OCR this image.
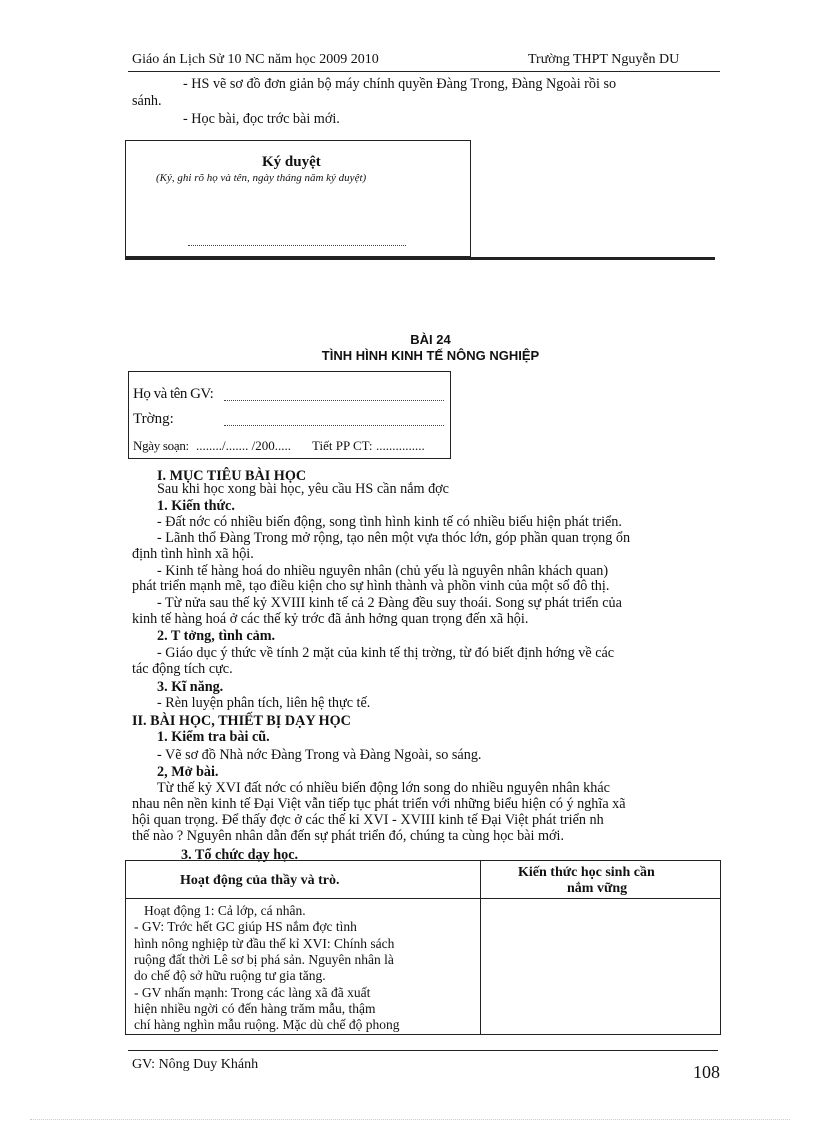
Giáo án Lịch Sử 10 NC năm học 2009 2010	Trường THPT Nguyễn DU
- HS vẽ sơ đồ đơn giản bộ máy chính quyền Đàng Trong, Đàng Ngoài rồi so
sánh.
- Học bài, đọc trớc bài mới.
Ký duyệt
(Ký, ghi rõ họ và tên, ngày tháng năm ký duyệt)
BÀI 24
TÌNH HÌNH KINH TẾ NÔNG NGHIỆP
Họ và tên GV:
Trờng:
Ngày soạn: ......../....... /200..... Tiết PP CT: ...............
I. MỤC TIÊU BÀI HỌC
Sau khi học xong bài học, yêu cầu HS cần nắm đợc
1. Kiến thức.
- Đất nớc có nhiều biến động, song tình hình kinh tế có nhiều biểu hiện phát triển.
- Lãnh thổ Đàng Trong mở rộng, tạo nên một vựa thóc lớn, góp phần quan trọng ổn
định tình hình xã hội.
- Kinh tế hàng hoá do nhiều nguyên nhân (chủ yếu là nguyên nhân khách quan)
phát triển mạnh mẽ, tạo điều kiện cho sự hình thành và phồn vinh của một số đô thị.
- Từ nửa sau thế kỷ XVIII kinh tế cả 2 Đàng đều suy thoái. Song sự phát triển của
kinh tế hàng hoá ở các thế kỷ trớc đã ảnh hởng quan trọng đến xã hội.
2. T tởng, tình cảm.
- Giáo dục ý thức về tính 2 mặt của kinh tế thị trờng, từ đó biết định hớng về các
tác động tích cực.
3. Kĩ năng.
- Rèn luyện phân tích, liên hệ thực tế.
II. BÀI HỌC, THIẾT BỊ DẠY HỌC
1. Kiểm tra bài cũ.
- Vẽ sơ đồ Nhà nớc Đàng Trong và Đàng Ngoài, so sáng.
2, Mở bài.
Từ thế kỷ XVI đất nớc có nhiều biến động lớn song do nhiều nguyên nhân khác
nhau nên nền kinh tế Đại Việt vẫn tiếp tục phát triển với những biểu hiện có ý nghĩa xã
hội quan trọng. Để thấy đợc ở các thế kỉ XVI - XVIII kinh tế Đại Việt phát triển nh
thế nào ? Nguyên nhân dẫn đến sự phát triển đó, chúng ta cùng học bài mới.
3. Tổ chức dạy học.
Hoạt động của thầy và trò.
Kiến thức học sinh cần
nắm vững
Hoạt động 1: Cả lớp, cá nhân.
- GV: Trớc hết GC giúp HS nắm đợc tình
hình nông nghiệp từ đầu thế kỉ XVI: Chính sách
ruộng đất thời Lê sơ bị phá sản. Nguyên nhân là
do chế độ sở hữu ruộng tư gia tăng.
- GV nhấn mạnh: Trong các làng xã đã xuất
hiện nhiều ngời có đến hàng trăm mẫu, thậm
chí hàng nghìn mẫu ruộng. Mặc dù chế độ phong
GV: Nông Duy Khánh	108
